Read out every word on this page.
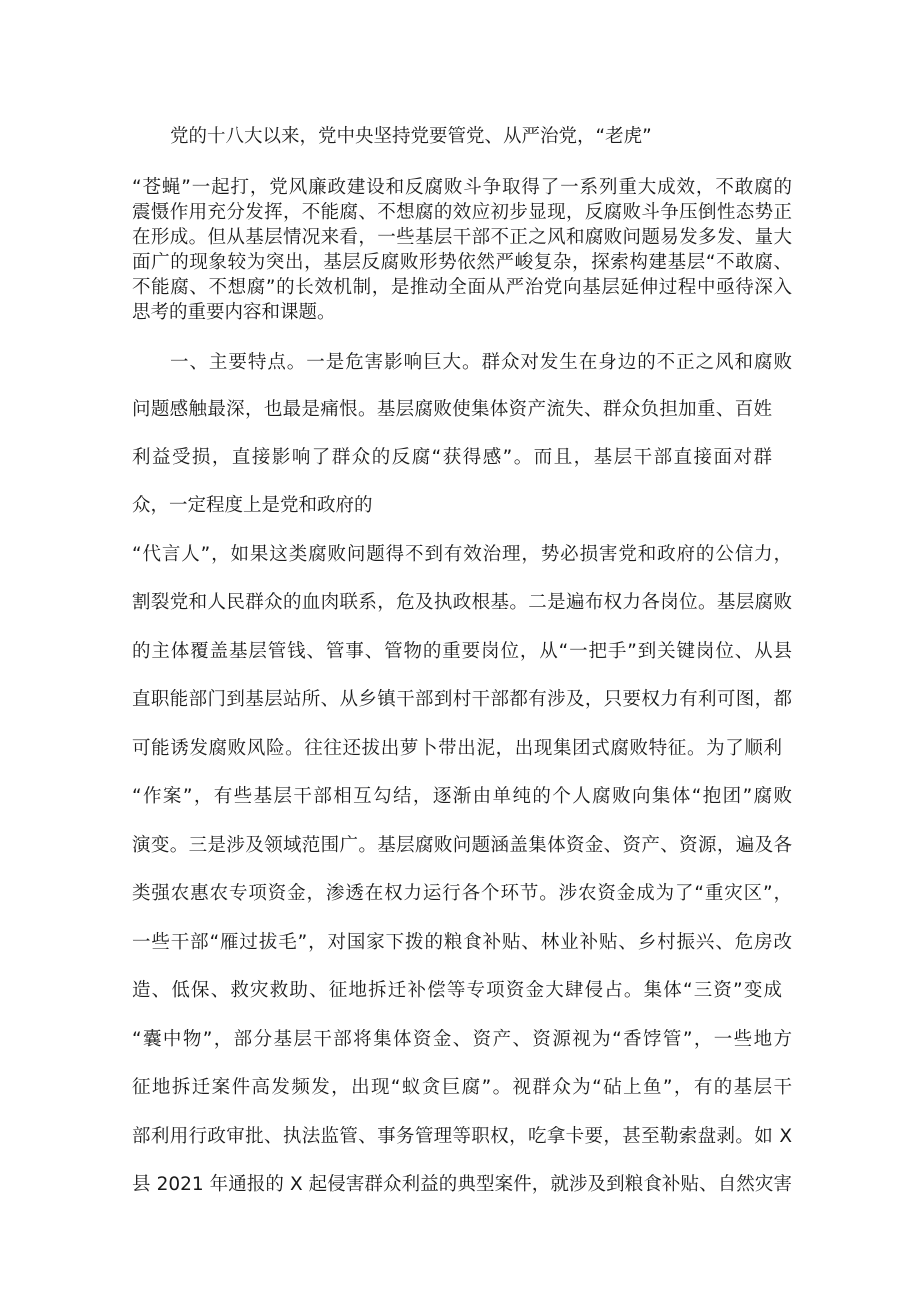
党的十八大以来，党中央坚持党要管党、从严治党，“老虎”
“苍蝇”一起打，党风廉政建设和反腐败斗争取得了一系列重大成效，不敢腐的
震慑作用充分发挥，不能腐、不想腐的效应初步显现，反腐败斗争压倒性态势正
在形成。但从基层情况来看，一些基层干部不正之风和腐败问题易发多发、量大
面广的现象较为突出，基层反腐败形势依然严峻复杂，探索构建基层“不敢腐、
不能腐、不想腐”的长效机制，是推动全面从严治党向基层延伸过程中亟待深入
思考的重要内容和课题。
一、主要特点。一是危害影响巨大。群众对发生在身边的不正之风和腐败
问题感触最深，也最是痛恨。基层腐败使集体资产流失、群众负担加重、百姓
利益受损，直接影响了群众的反腐“获得感”。而且，基层干部直接面对群
众，一定程度上是党和政府的
“代言人”，如果这类腐败问题得不到有效治理，势必损害党和政府的公信力，
割裂党和人民群众的血肉联系，危及执政根基。二是遍布权力各岗位。基层腐败
的主体覆盖基层管钱、管事、管物的重要岗位，从“一把手”到关键岗位、从县
直职能部门到基层站所、从乡镇干部到村干部都有涉及，只要权力有利可图，都
可能诱发腐败风险。往往还拔出萝卜带出泥，出现集团式腐败特征。为了顺利
“作案”，有些基层干部相互勾结，逐渐由单纯的个人腐败向集体“抱团”腐败
演变。三是涉及领域范围广。基层腐败问题涵盖集体资金、资产、资源，遍及各
类强农惠农专项资金，渗透在权力运行各个环节。涉农资金成为了“重灾区”，
一些干部“雁过拔毛”，对国家下拨的粮食补贴、林业补贴、乡村振兴、危房改
造、低保、救灾救助、征地拆迁补偿等专项资金大肆侵占。集体“三资”变成
“囊中物”，部分基层干部将集体资金、资产、资源视为“香饽管”，一些地方
征地拆迁案件高发频发，出现“蚁贪巨腐”。视群众为“砧上鱼”，有的基层干
部利用行政审批、执法监管、事务管理等职权，吃拿卡要，甚至勒索盘剥。如 X
县 2021 年通报的 X 起侵害群众利益的典型案件，就涉及到粮食补贴、自然灾害
